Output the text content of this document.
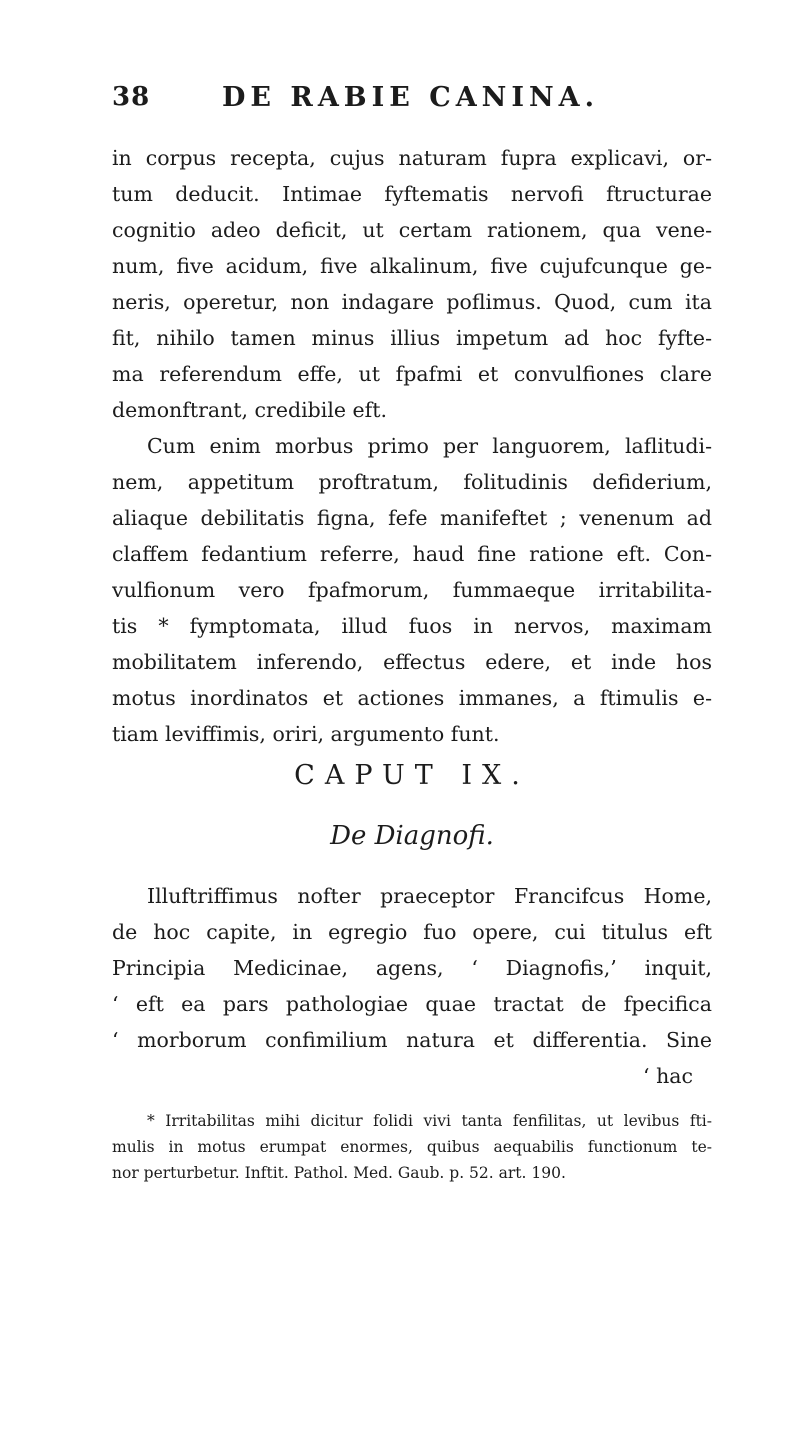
38	DE RABIE CANINA.
in corpus recepta, cujus naturam fupra explicavi, or-
tum deducit. Intimae fyftematis nervofi ftructurae
cognitio adeo deficit, ut certam rationem, qua vene-
num, five acidum, five alkalinum, five cujufcunque ge-
neris, operetur, non indagare poflimus. Quod, cum ita
fit, nihilo tamen minus illius impetum ad hoc fyfte-
ma referendum effe, ut fpafmi et convulfiones clare
demonftrant, credibile eft.
Cum enim morbus primo per languorem, laflitudi-
nem, appetitum proftratum, folitudinis defiderium,
aliaque debilitatis figna, fefe manifeftet ; venenum ad
claffem fedantium referre, haud fine ratione eft. Con-
vulfionum vero fpafmorum, fummaeque irritabilita-
tis * fymptomata, illud fuos in nervos, maximam
mobilitatem inferendo, effectus edere, et inde hos
motus inordinatos et actiones immanes, a ftimulis e-
tiam leviffimis, oriri, argumento funt.
CAPUT IX.
De Diagnofi.
Illuftriffimus nofter praeceptor Francifcus Home,
de hoc capite, in egregio fuo opere, cui titulus eft
Principia Medicinae, agens, ‘ Diagnofis,’ inquit,
‘ eft ea pars pathologiae quae tractat de fpecifica
‘ morborum confimilium natura et differentia. Sine
‘ hac
* Irritabilitas mihi dicitur folidi vivi tanta fenfilitas, ut levibus fti-
mulis in motus erumpat enormes, quibus aequabilis functionum te-
nor perturbetur. Inftit. Pathol. Med. Gaub. p. 52. art. 190.
